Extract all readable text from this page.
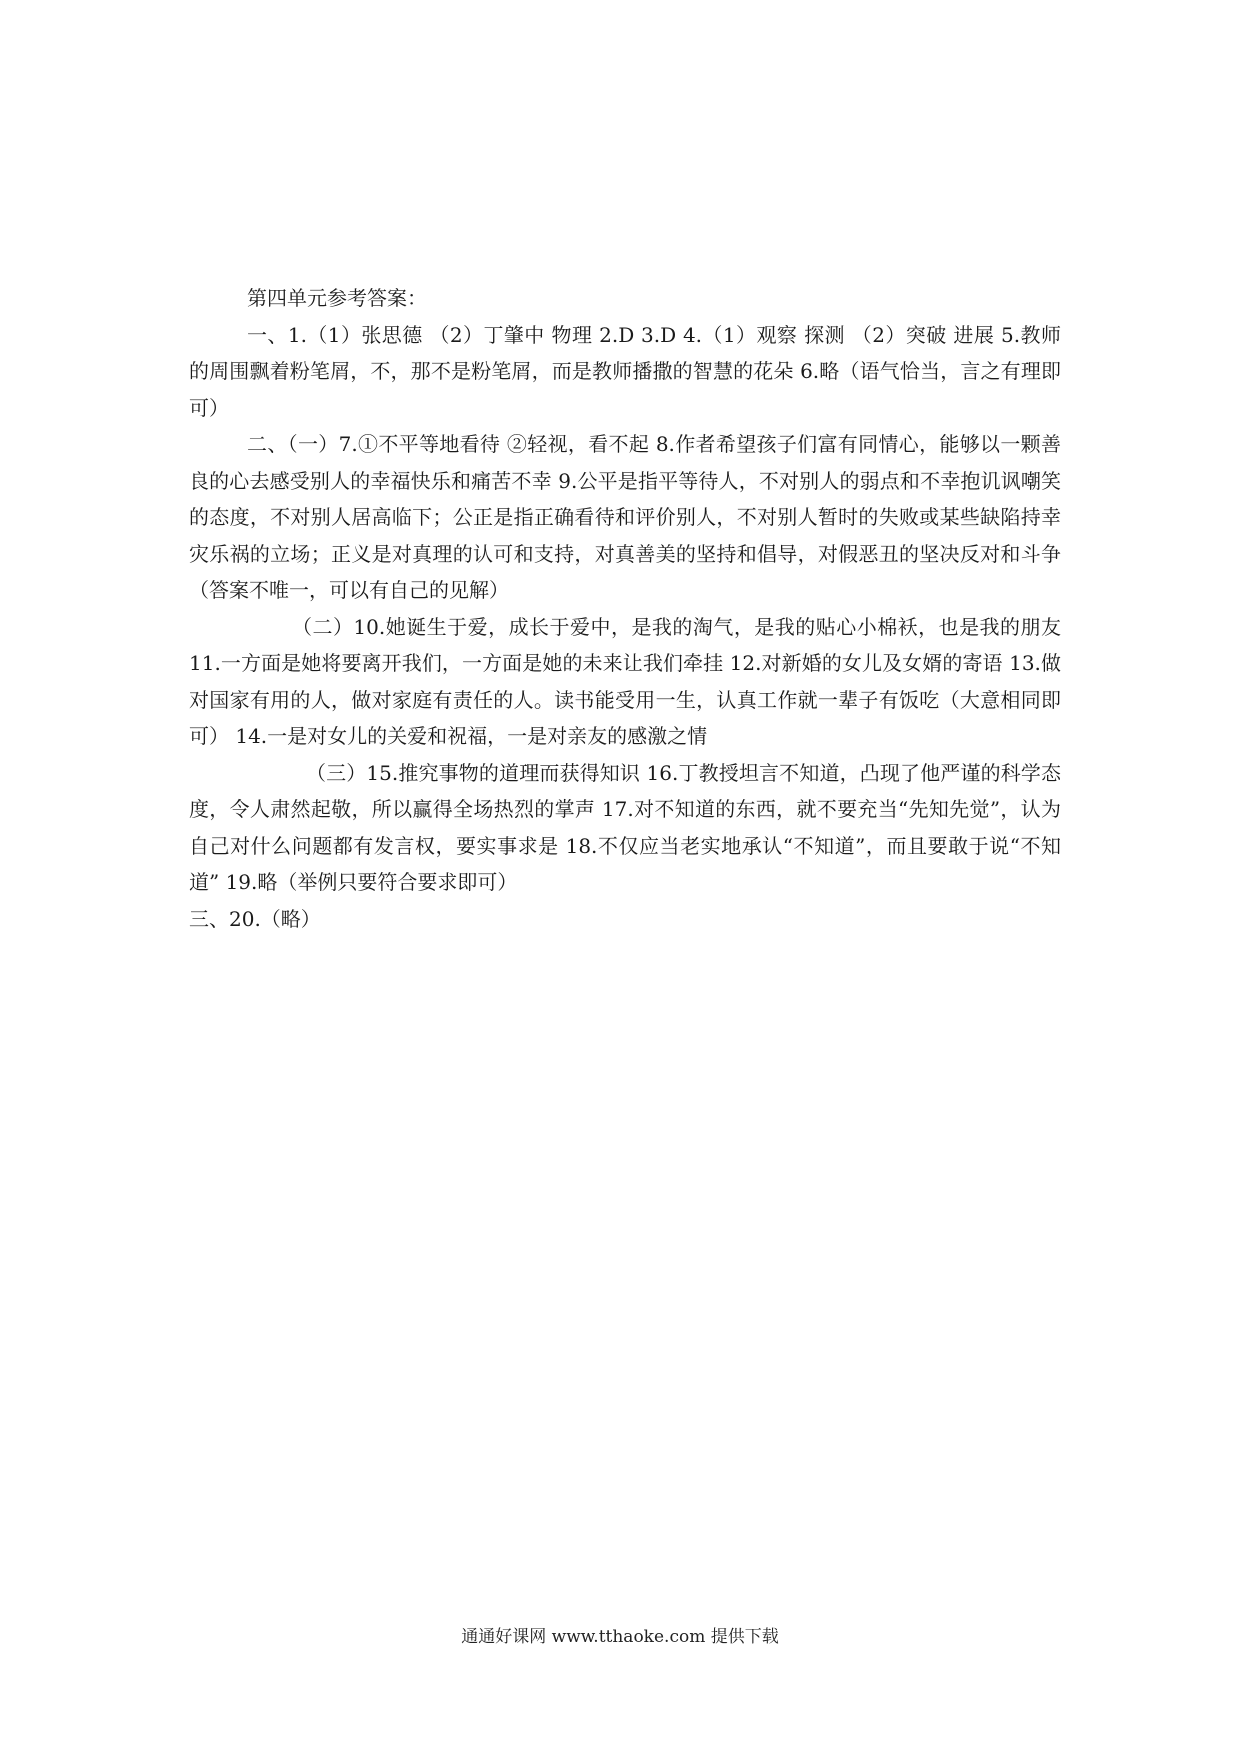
第四单元参考答案：

一、1.（1）张思德 （2）丁肇中 物理 2.D 3.D 4.（1）观察 探测 （2）突破 进展 5.教师的周围飘着粉笔屑，不，那不是粉笔屑，而是教师播撒的智慧的花朵 6.略（语气恰当，言之有理即可）

二、（一）7.①不平等地看待 ②轻视，看不起 8.作者希望孩子们富有同情心，能够以一颗善良的心去感受别人的幸福快乐和痛苦不幸 9.公平是指平等待人，不对别人的弱点和不幸抱讥讽嘲笑的态度，不对别人居高临下；公正是指正确看待和评价别人，不对别人暂时的失败或某些缺陷持幸灾乐祸的立场；正义是对真理的认可和支持，对真善美的坚持和倡导，对假恶丑的坚决反对和斗争（答案不唯一，可以有自己的见解）

（二）10.她诞生于爱，成长于爱中，是我的淘气，是我的贴心小棉袄，也是我的朋友 11.一方面是她将要离开我们，一方面是她的未来让我们牵挂 12.对新婚的女儿及女婿的寄语 13.做对国家有用的人，做对家庭有责任的人。读书能受用一生，认真工作就一辈子有饭吃（大意相同即可） 14.一是对女儿的关爱和祝福，一是对亲友的感激之情

（三）15.推究事物的道理而获得知识 16.丁教授坦言不知道，凸现了他严谨的科学态度，令人肃然起敬，所以赢得全场热烈的掌声 17.对不知道的东西，就不要充当“先知先觉”，认为自己对什么问题都有发言权，要实事求是 18.不仅应当老实地承认“不知道”，而且要敢于说“不知道” 19.略（举例只要符合要求即可）

三、20.（略）

通通好课网 www.tthaoke.com 提供下载
